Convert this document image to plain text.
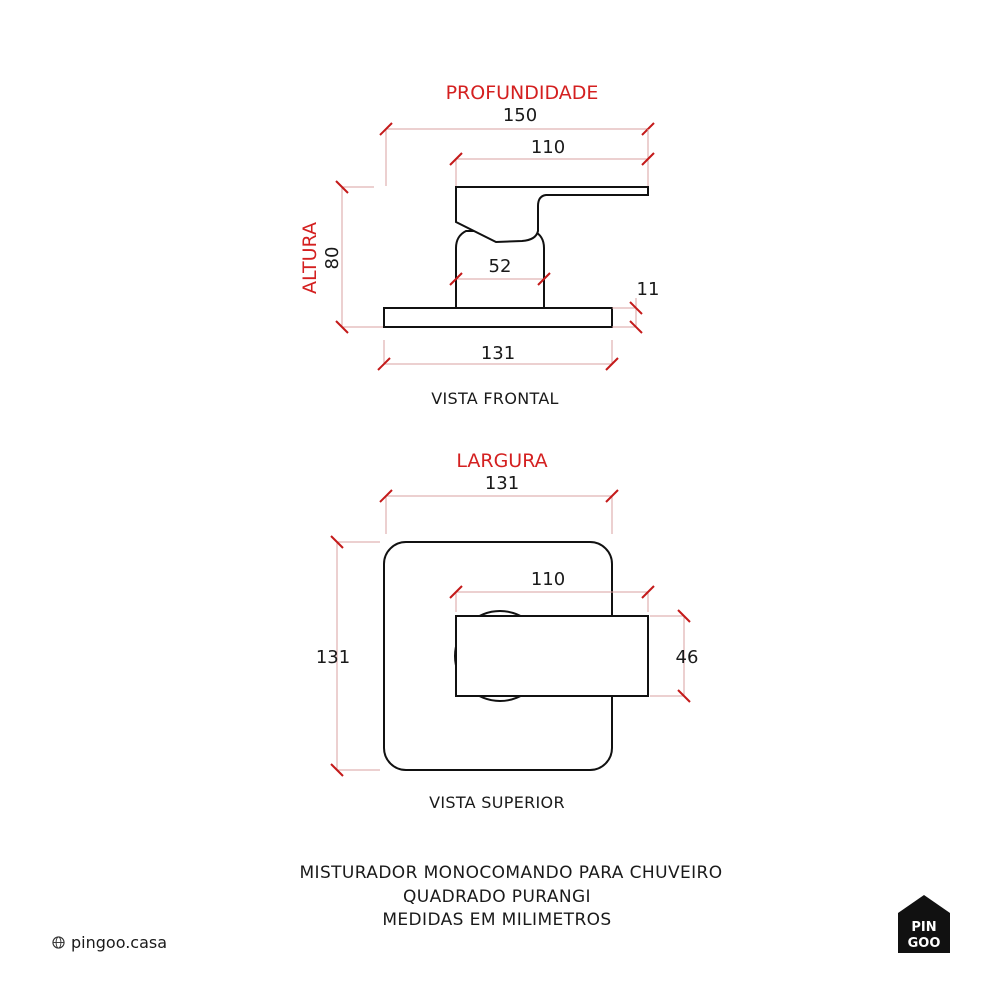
PROFUNDIDADE
150
110
ALTURA 80	52
11
131
VISTA FRONTAL
LARGURA
131
110
131	46
VISTA SUPERIOR
MISTURADOR MONOCOMANDO PARA CHUVEIRO
QUADRADO PURANGI
MEDIDAS EM MILIMETROS
pingoo.casa
PIN
GOO
